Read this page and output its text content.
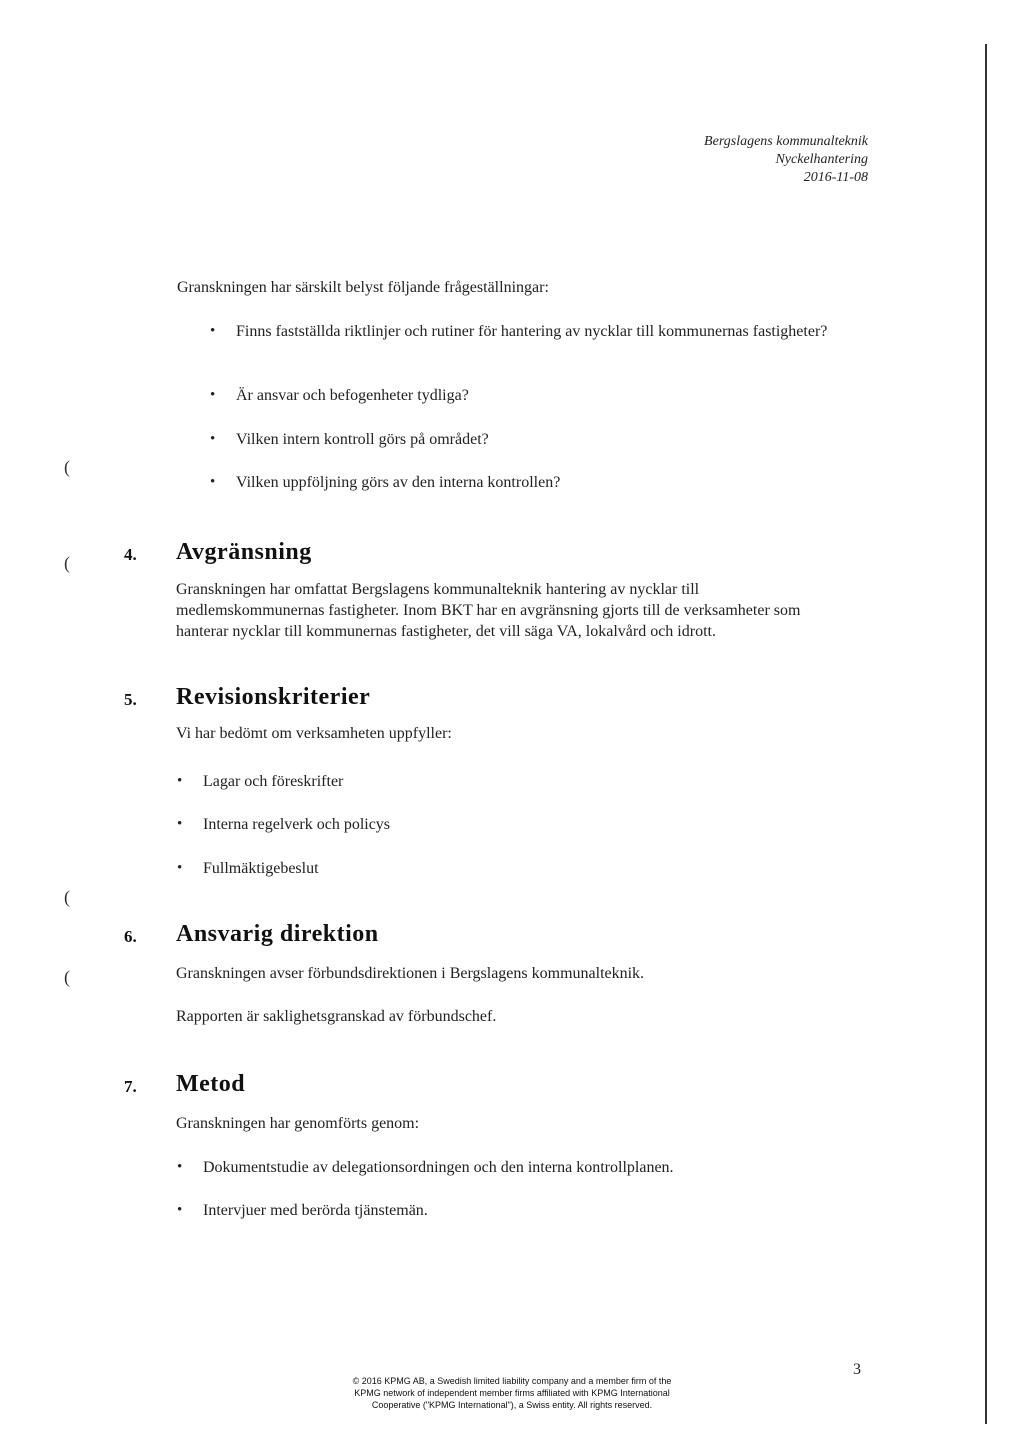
Bergslagens kommunalteknik
Nyckelhantering
2016-11-08
Granskningen har särskilt belyst följande frågeställningar:
• Finns fastställda riktlinjer och rutiner för hantering av nycklar till kommunernas fastigheter?
• Är ansvar och befogenheter tydliga?
• Vilken intern kontroll görs på området?
• Vilken uppföljning görs av den interna kontrollen?
(
(
(
(
4. Avgränsning
Granskningen har omfattat Bergslagens kommunalteknik hantering av nycklar till medlemskommunernas fastigheter. Inom BKT har en avgränsning gjorts till de verksamheter som hanterar nycklar till kommunernas fastigheter, det vill säga VA, lokalvård och idrott.
5. Revisionskriterier
Vi har bedömt om verksamheten uppfyller:
• Lagar och föreskrifter
• Interna regelverk och policys
• Fullmäktigebeslut
6. Ansvarig direktion
Granskningen avser förbundsdirektionen i Bergslagens kommunalteknik.
Rapporten är saklighetsgranskad av förbundschef.
7. Metod
Granskningen har genomförts genom:
• Dokumentstudie av delegationsordningen och den interna kontrollplanen.
• Intervjuer med berörda tjänstemän.
© 2016 KPMG AB, a Swedish limited liability company and a member firm of the
KPMG network of independent member firms affiliated with KPMG International
Cooperative ("KPMG International"), a Swiss entity. All rights reserved.
3
